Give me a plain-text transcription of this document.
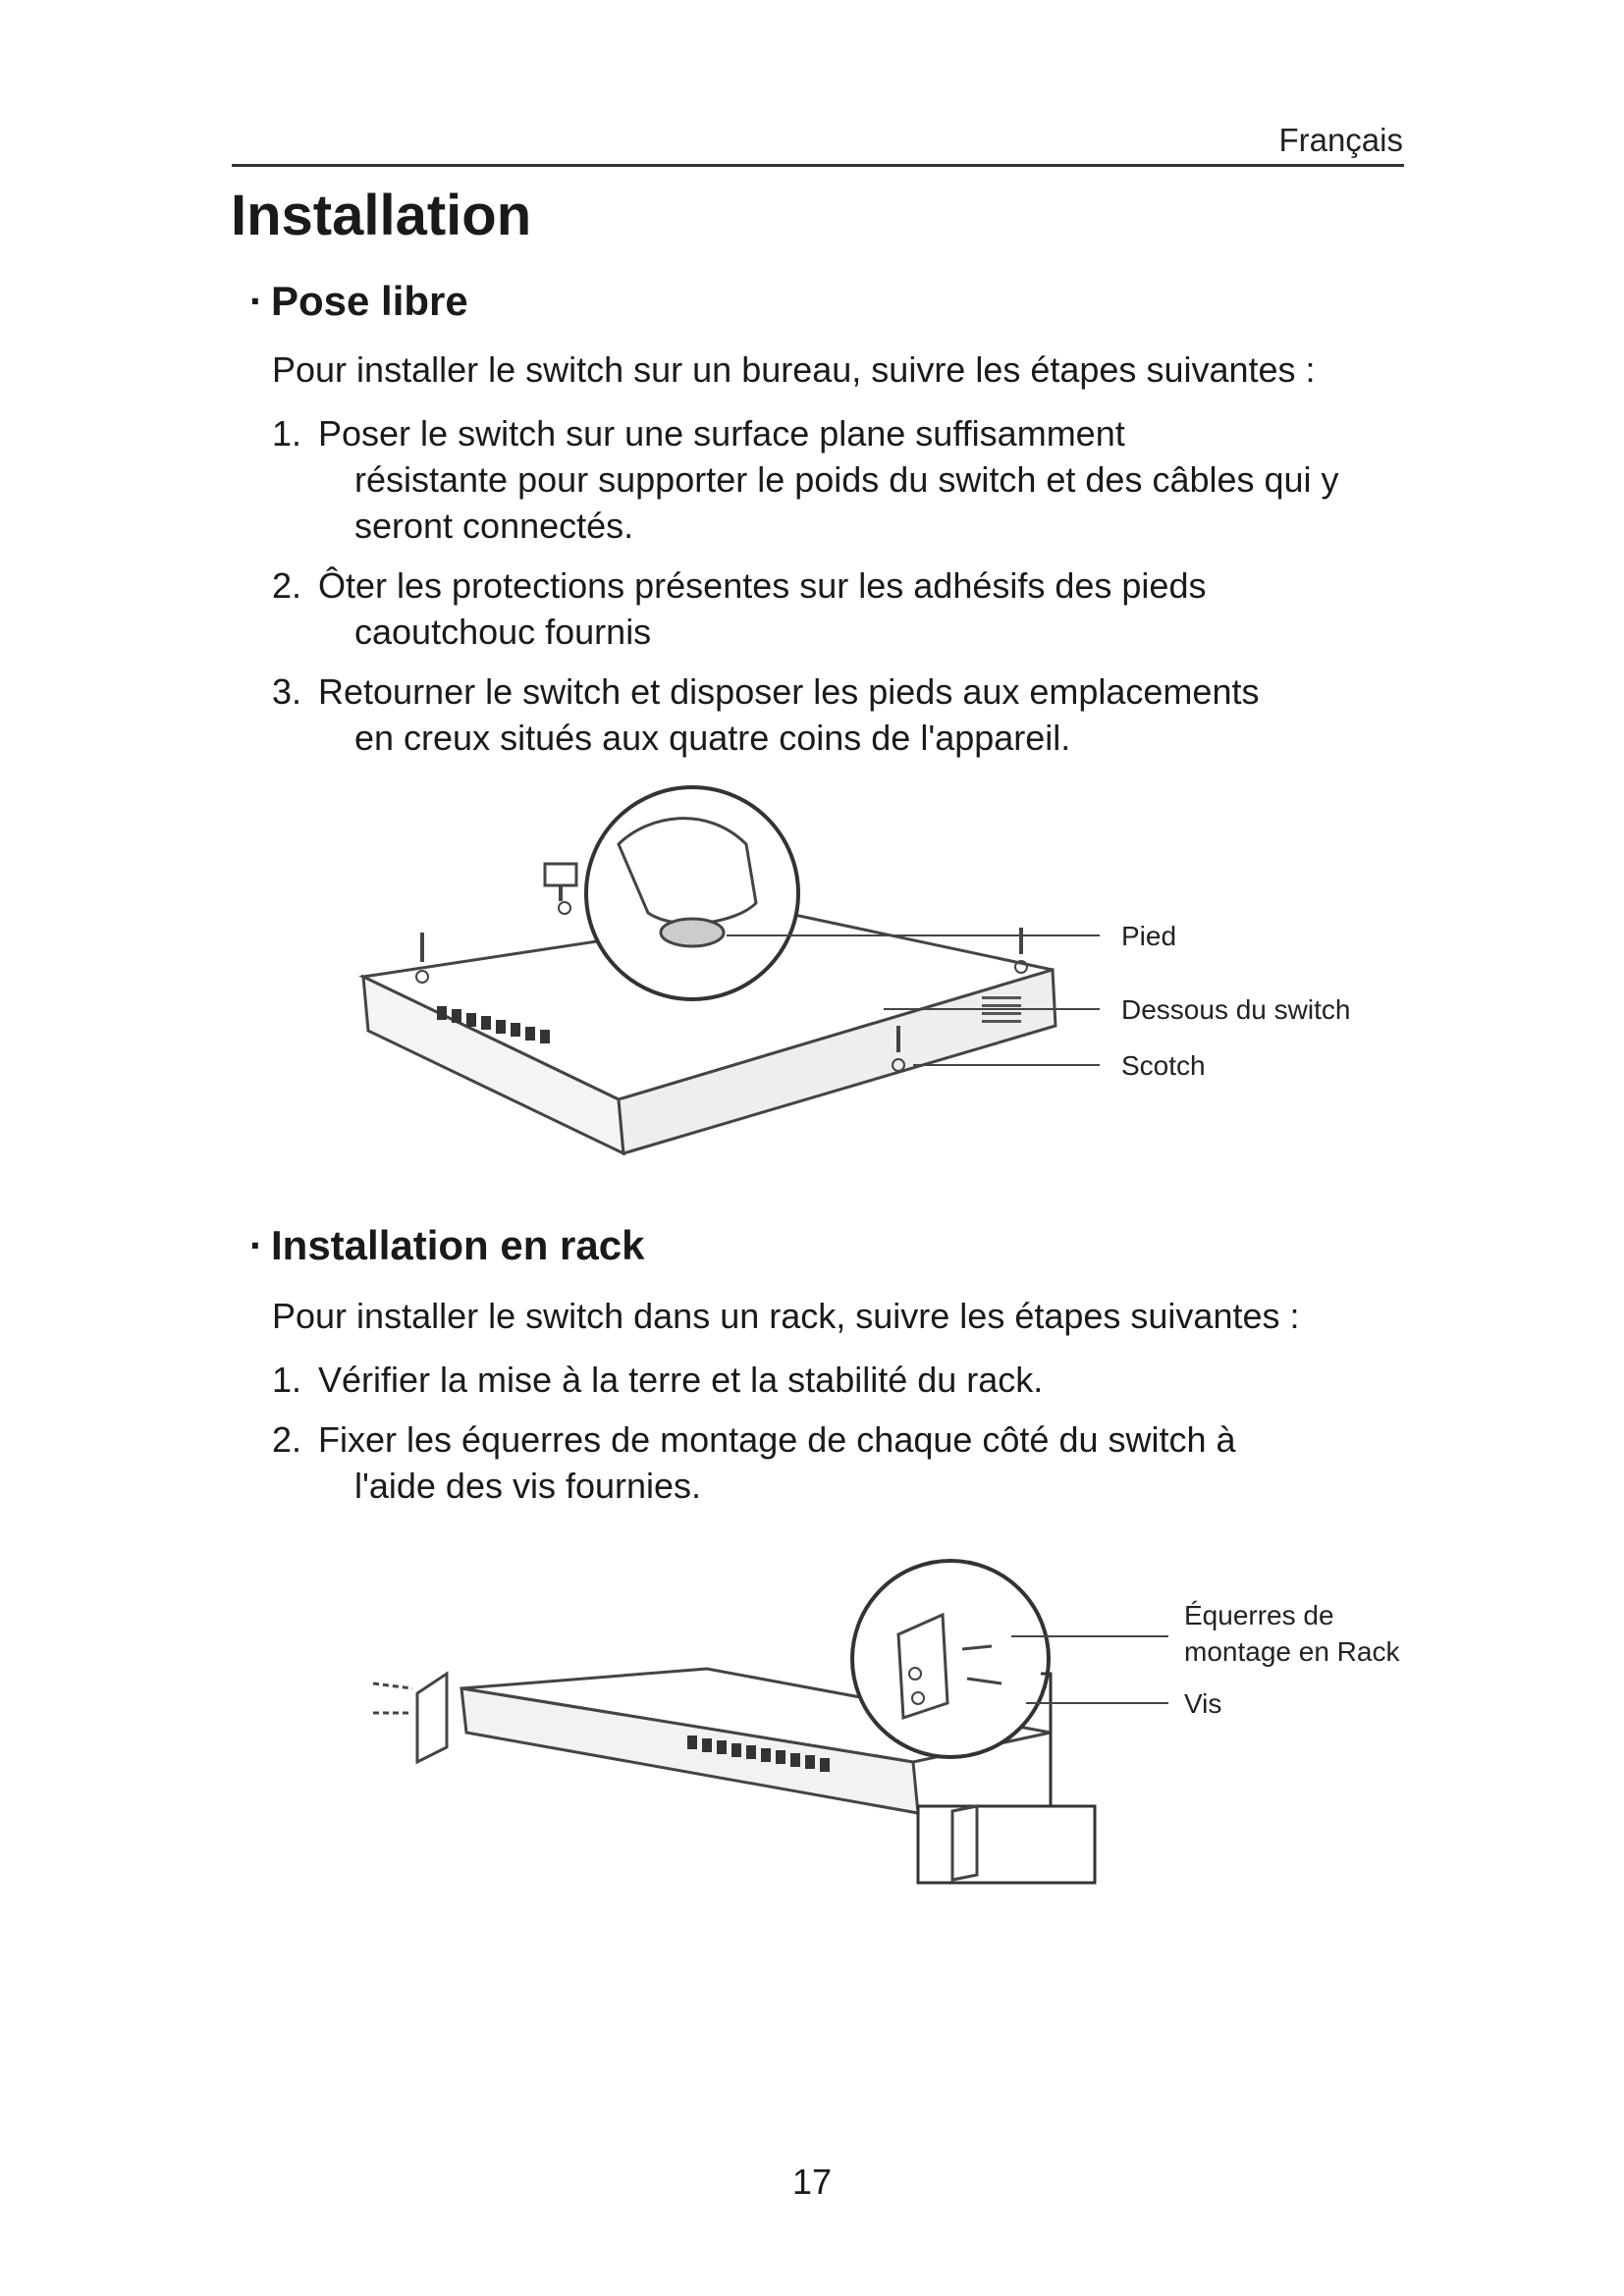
Français
Installation
· Pose libre

Pour installer le switch sur un bureau, suivre les étapes suivantes :

1. Poser le switch sur une surface plane suffisamment
résistante pour supporter le poids du switch et des câbles qui y seront connectés.
2. Ôter les protections présentes sur les adhésifs des pieds
caoutchouc fournis
3. Retourner le switch et disposer les pieds aux emplacements
en creux situés aux quatre coins de l'appareil.
Pied
Dessous du switch
Scotch
· Installation en rack

Pour installer le switch dans un rack, suivre les étapes suivantes :

1. Vérifier la mise à la terre et la stabilité du rack.
2. Fixer les équerres de montage de chaque côté du switch à
l'aide des vis fournies.
Équerres de
montage en Rack
Vis
17
